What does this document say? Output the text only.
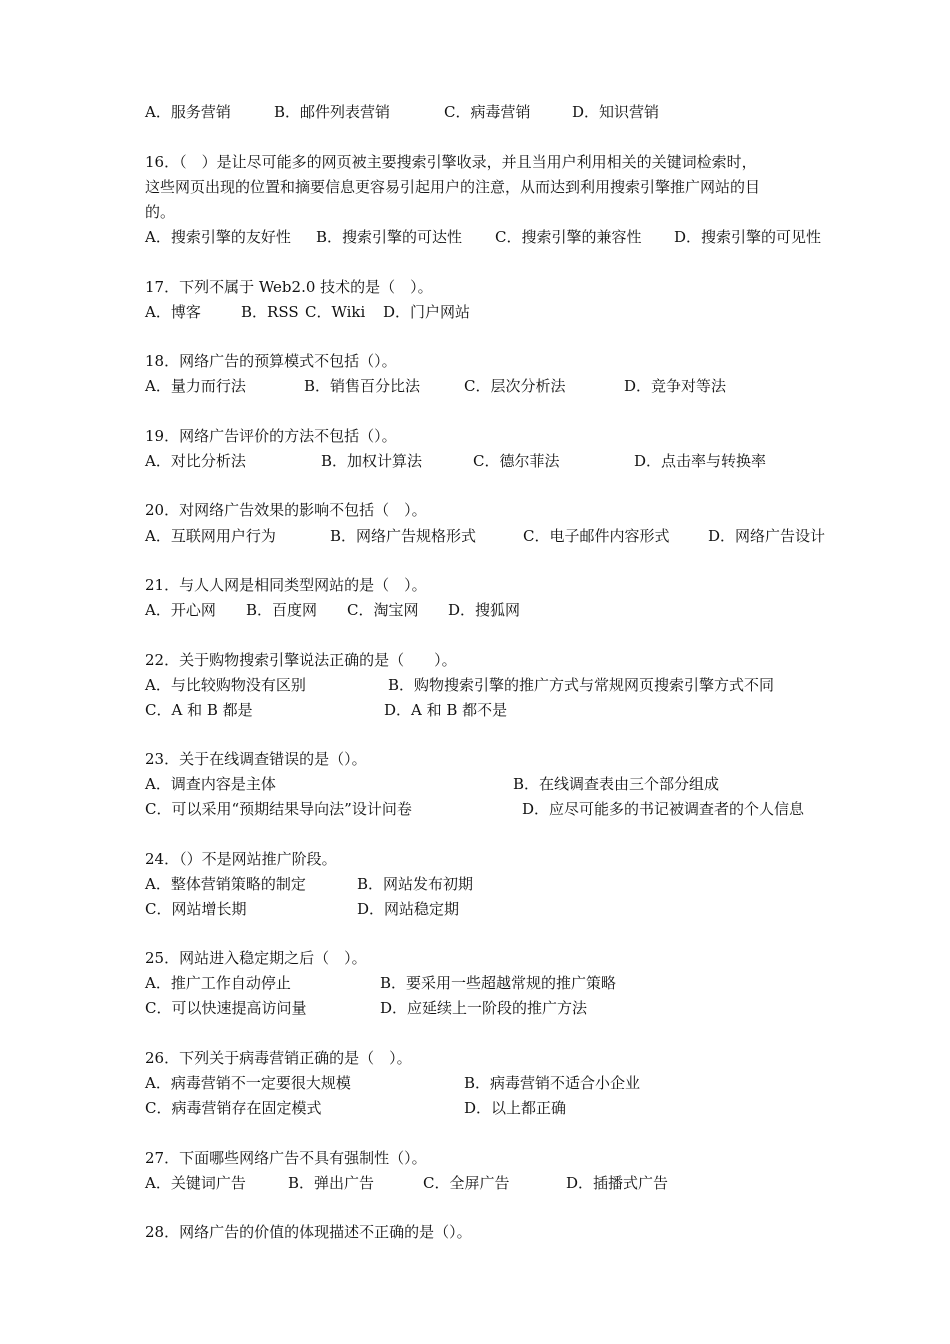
A．服务营销	B．邮件列表营销	C．病毒营销	D．知识营销
16．（　）是让尽可能多的网页被主要搜索引擎收录，并且当用户利用相关的关键词检索时，
这些网页出现的位置和摘要信息更容易引起用户的注意，从而达到利用搜索引擎推广网站的目
的。
A．搜索引擎的友好性 B．搜索引擎的可达性 C．搜索引擎的兼容性 D．搜索引擎的可见性
17．下列不属于 Web2.0 技术的是（　）。
A．博客	B．RSS C．Wiki D．门户网站
18．网络广告的预算模式不包括（）。
A．量力而行法	B．销售百分比法	C．层次分析法	D．竞争对等法
19．网络广告评价的方法不包括（）。
A．对比分析法	B．加权计算法	C．德尔菲法	D．点击率与转换率
20．对网络广告效果的影响不包括（　）。
A．互联网用户行为	B．网络广告规格形式	C．电子邮件内容形式	D．网络广告设计
21．与人人网是相同类型网站的是（　）。
A．开心网 B．百度网 C．淘宝网 D．搜狐网
22．关于购物搜索引擎说法正确的是（　　）。
A．与比较购物没有区别	B．购物搜索引擎的推广方式与常规网页搜索引擎方式不同
C．A 和 B 都是	D．A 和 B 都不是
23．关于在线调查错误的是（）。
A．调查内容是主体	B．在线调查表由三个部分组成
C．可以采用“预期结果导向法”设计问卷	D．应尽可能多的书记被调查者的个人信息
24．（）不是网站推广阶段。
A．整体营销策略的制定	B．网站发布初期
C．网站增长期	D．网站稳定期
25．网站进入稳定期之后（　）。
A．推广工作自动停止	B．要采用一些超越常规的推广策略
C．可以快速提高访问量	D．应延续上一阶段的推广方法
26．下列关于病毒营销正确的是（　）。
A．病毒营销不一定要很大规模	B．病毒营销不适合小企业
C．病毒营销存在固定模式	D．以上都正确
27．下面哪些网络广告不具有强制性（）。
A．关键词广告	B．弹出广告	C．全屏广告	D．插播式广告
28．网络广告的价值的体现描述不正确的是（）。
